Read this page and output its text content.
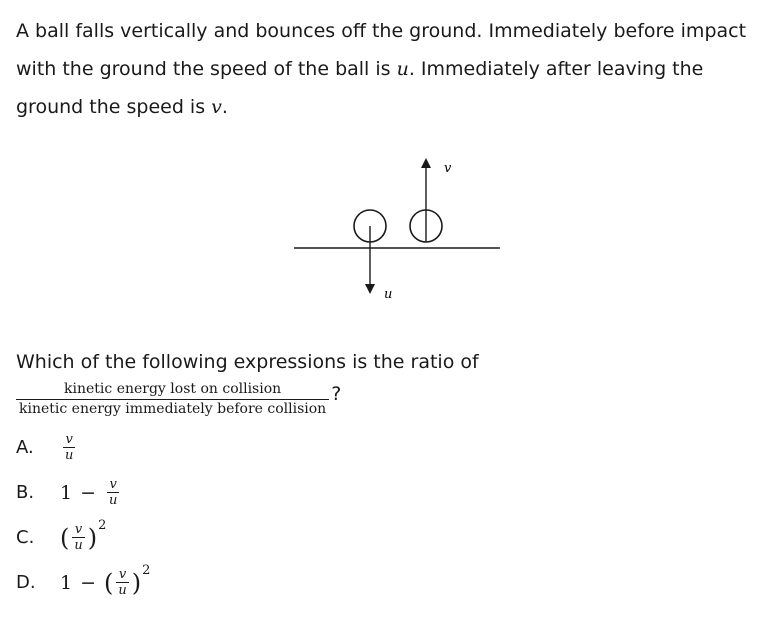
A ball falls vertically and bounces off the ground. Immediately before impact with the ground the speed of the ball is u. Immediately after leaving the ground the speed is v.
u
v
Which of the following expressions is the ratio of
$\frac{\text{kinetic energy lost on collision}}{\text{kinetic energy immediately before collision}}$ ?
A.	v
u
B.	1 − v
u
C.	( v
u ) 2
D.	1 − ( v
u ) 2
